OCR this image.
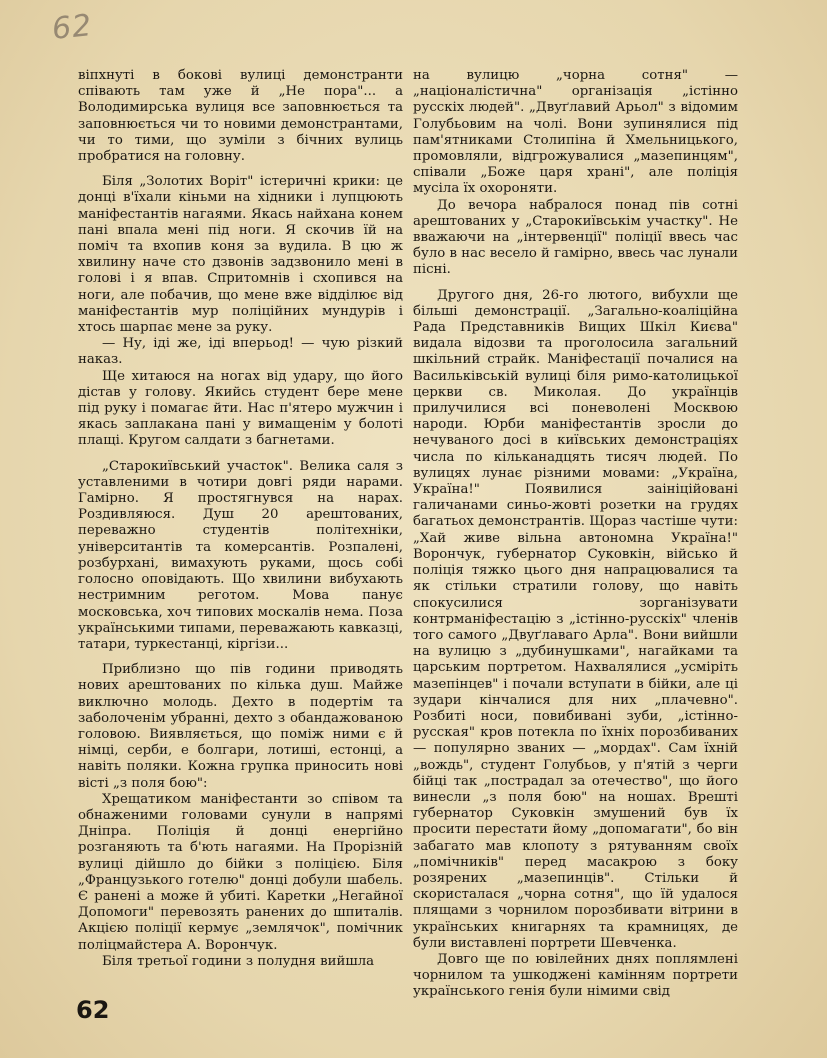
62

віпхнуті в бокові вулиці демонстранти співають там уже й „Не пора"... а Володимирська вулиця все заповнюється та заповнюється чи то новими демонстрантами, чи то тими, що зуміли з бічних вулиць пробратися на головну.

Біля „Золотих Воріт" істеричні крики: це донці в'їхали кіньми на хідники і лупцюють маніфестантів нагаями. Якась найхана конем пані впала мені під ноги. Я скочив їй на поміч та вхопив коня за вудила. В цю ж хвилину наче сто дзвонів задзвонило мені в голові і я впав. Спритомнів і схопився на ноги, але побачив, що мене вже відділює від маніфестантів мур поліційних мундурів і хтось шарпає мене за руку.

— Ну, іді же, іді вперьод! — чую різкий наказ.

Ще хитаюся на ногах від удару, що його дістав у голову. Якийсь студент бере мене під руку і помагає йти. Нас п'ятеро мужчин і якась заплакана пані у вимащенім у болоті плащі. Кругом салдати з багнетами.

„Старокиївський участок". Велика саля з уставленими в чотири довгі ряди нарами. Гамірно. Я простягнувся на нарах. Роздивляюся. Душ 20 арештованих, переважно студентів політехніки, університантів та комерсантів. Розпалені, розбурхані, вимахують руками, щось собі голосно оповідають. Що хвилини вибухають нестримним реготом. Мова панує московська, хоч типових москалів нема. Поза українськими типами, переважають кавказці, татари, туркестанці, кіргізи...

Приблизно що пів години приводять нових арештованих по кілька душ. Майже виключно молодь. Дехто в подертім та заболоченім убранні, дехто з обандажованою головою. Виявляється, що поміж ними є й німці, серби, е болгари, лотиші, естонці, а навіть поляки. Кожна групка приносить нові вісті „з поля бою":

Хрещатиком маніфестанти зо співом та обнаженими головами сунули в напрямі Дніпра. Поліція й донці енергійно розганяють та б'ють нагаями. На Прорізній вулиці дійшло до бійки з поліцією. Біля „Французького готелю" донці добули шабель. Є ранені а може й убиті. Каретки „Негайної Допомоги" перевозять ранених до шпиталів. Акцією поліції кермує „землячок", помічник поліцмайстера А. Ворончук.

Біля третьої години з полудня вийшла

на вулицю „чорна сотня" — „націоналістична" організація „істінно русскіх людей". „Двуґлавий Арьол" з відомим Голубьовим на чолі. Вони зупинялися під пам'ятниками Столипіна й Хмельницького, промовляли, відгрожувалися „мазепинцям", співали „Боже царя храні", але поліція мусіла їх охороняти.

До вечора набралося понад пів сотні арештованих у „Старокиївськім участку". Не вважаючи на „інтервенції" поліції ввесь час було в нас весело й гамірно, ввесь час лунали пісні.

Другого дня, 26-го лютого, вибухли ще більші демонстрації. „Загально-коаліційна Рада Представників Вищих Шкіл Києва" видала відозви та проголосила загальний шкільний страйк. Маніфестації почалися на Васильківській вулиці біля римо-католицької церкви св. Миколая. До українців прилучилися всі поневолені Москвою народи. Юрби маніфестантів зросли до нечуваного досі в київських демонстраціях числа по кільканадцять тисяч людей. По вулицях лунає різними мовами: „Україна, Україна!" Появилися заініційовані галичанами синьо-жовті розетки на грудях багатьох демонстрантів. Щораз частіше чути: „Хай живе вільна автономна Україна!" Ворончук, губернатор Суковкін, військо й поліція тяжко цього дня напрацювалися та як стільки стратили голову, що навіть спокусилися зорганізувати контрманіфестацію з „істінно-русскіх" членів того самого „Двуґлаваго Арла". Вони вийшли на вулицю з „дубинушками", нагайками та царським портретом. Нахвалялися „усміріть мазепінцев" і почали вступати в бійки, але ці зудари кінчалися для них „плачевно". Розбиті носи, повибивані зуби, „істінно-русская" кров потекла по їхніх порозбиваних — популярно званих — „мордах". Сам їхній „вождь", студент Голубьов, у п'ятій з черги бійці так „пострадал за отечество", що його винесли „з поля бою" на ношах. Врешті губернатор Суковкін змушений був їх просити перестати йому „допомагати", бо він забагато мав клопоту з рятуванням своїх „помічників" перед масакрою з боку розярених „мазепинців". Стільки й скористалася „чорна сотня", що їй удалося плящами з чорнилом порозбивати вітрини в українських книгарнях та крамницях, де були виставлені портрети Шевченка.

Довго ще по ювілейних днях поплямлені чорнилом та ушкоджені камінням портрети українського генія були німими свід

62
